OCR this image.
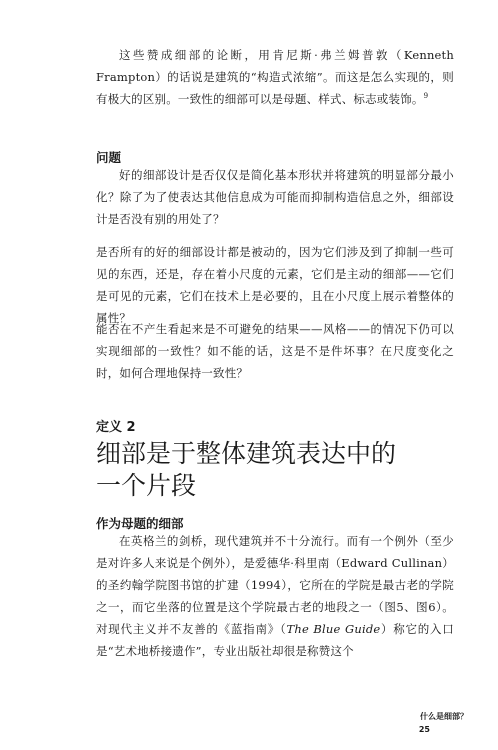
这些赞成细部的论断，用肯尼斯·弗兰姆普敦（Kenneth Frampton）的话说是建筑的“构造式浓缩”。而这是怎么实现的，则有极大的区别。一致性的细部可以是母题、样式、标志或装饰。$^9$

问题

好的细部设计是否仅仅是简化基本形状并将建筑的明显部分最小化？除了为了使表达其他信息成为可能而抑制构造信息之外，细部设计是否没有别的用处了？

是否所有的好的细部设计都是被动的，因为它们涉及到了抑制一些可见的东西，还是，存在着小尺度的元素，它们是主动的细部——它们是可见的元素，它们在技术上是必要的，且在小尺度上展示着整体的属性？

能否在不产生看起来是不可避免的结果——风格——的情况下仍可以实现细部的一致性？如不能的话，这是不是件坏事？在尺度变化之时，如何合理地保持一致性？

定义 2
细部是于整体建筑表达中的一个片段
作为母题的细部

在英格兰的剑桥，现代建筑并不十分流行。而有一个例外（至少是对许多人来说是个例外），是爱德华·科里南（Edward Cullinan）的圣约翰学院图书馆的扩建（1994），它所在的学院是最古老的学院之一，而它坐落的位置是这个学院最古老的地段之一（图5、图6）。对现代主义并不友善的《蓝指南》（The Blue Guide）称它的入口是“艺术地桥接遗作”，专业出版社却很是称赞这个

什么是细部？

25
